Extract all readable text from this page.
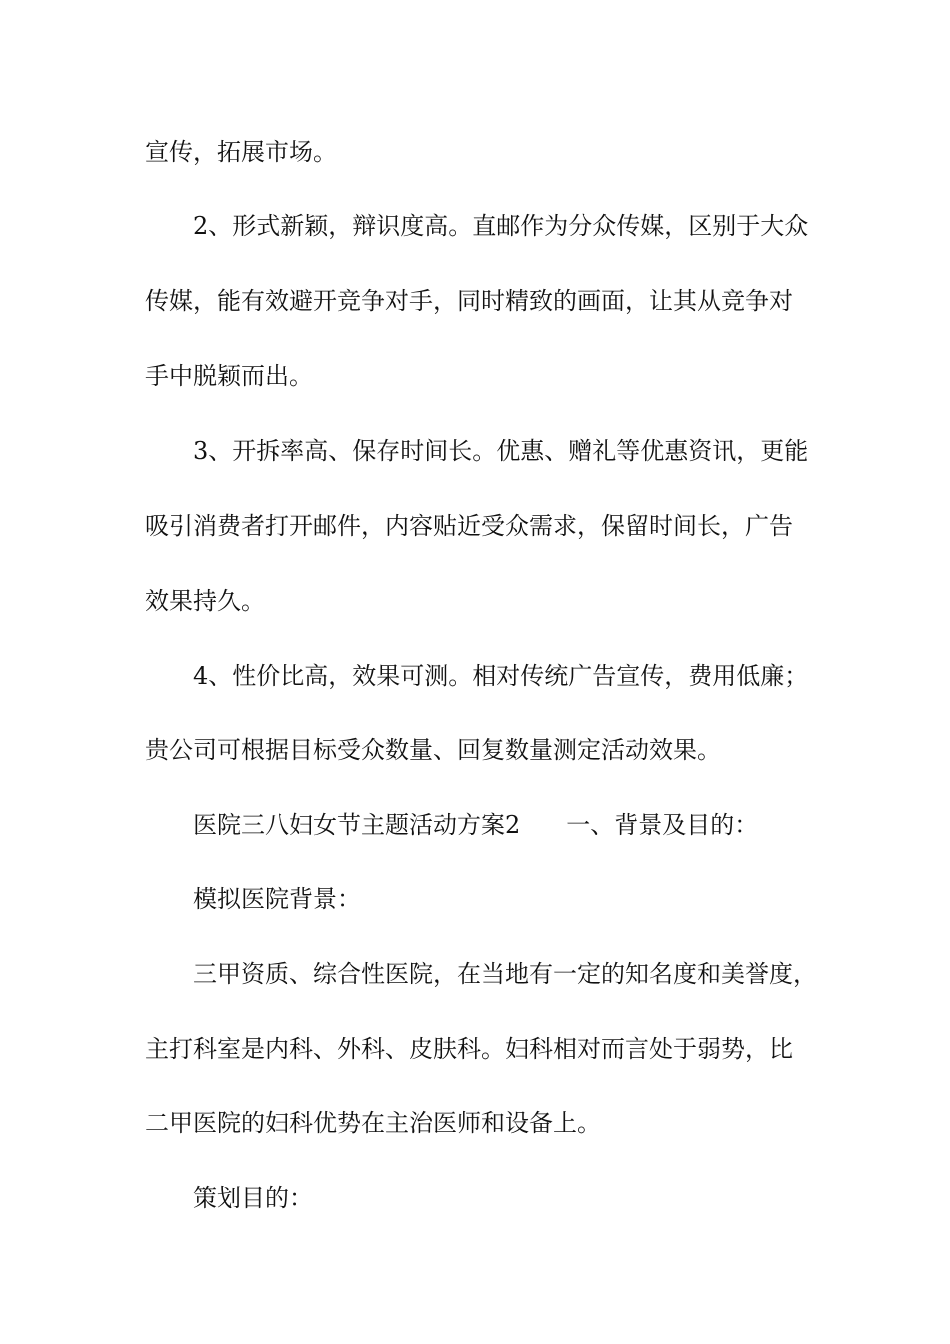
宣传，拓展市场。
2、形式新颖，辩识度高。直邮作为分众传媒，区别于大众
传媒，能有效避开竞争对手，同时精致的画面，让其从竞争对
手中脱颖而出。
3、开拆率高、保存时间长。优惠、赠礼等优惠资讯，更能
吸引消费者打开邮件，内容贴近受众需求，保留时间长，广告
效果持久。
4、性价比高，效果可测。相对传统广告宣传，费用低廉；
贵公司可根据目标受众数量、回复数量测定活动效果。
医院三八妇女节主题活动方案2 一、背景及目的：
模拟医院背景：
三甲资质、综合性医院，在当地有一定的知名度和美誉度，
主打科室是内科、外科、皮肤科。妇科相对而言处于弱势，比
二甲医院的妇科优势在主治医师和设备上。
策划目的：
